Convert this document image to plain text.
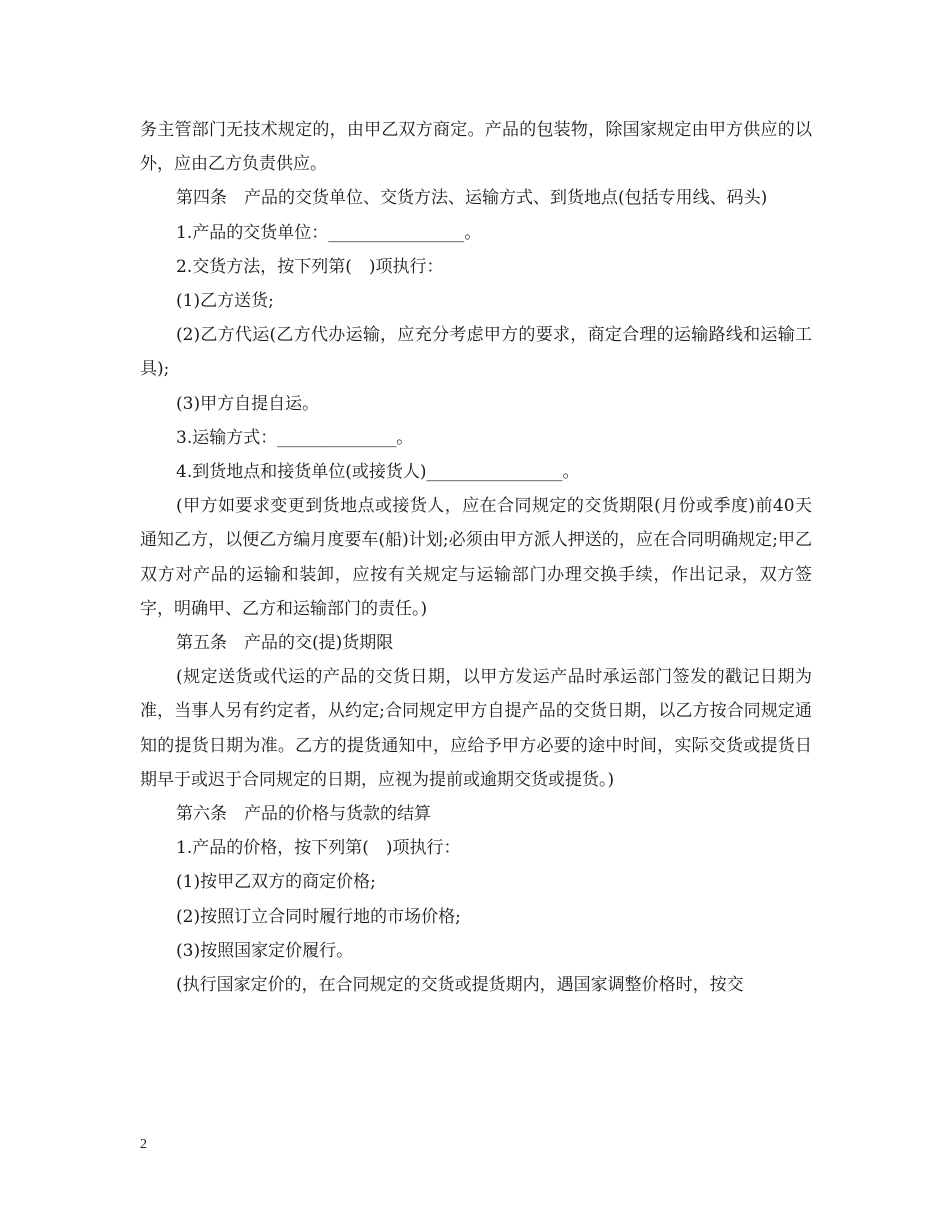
务主管部门无技术规定的，由甲乙双方商定。产品的包装物，除国家规定由甲方供应的以外，应由乙方负责供应。

第四条　产品的交货单位、交货方法、运输方式、到货地点(包括专用线、码头)

1.产品的交货单位：________________。

2.交货方法，按下列第(　)项执行：

(1)乙方送货;

(2)乙方代运(乙方代办运输，应充分考虑甲方的要求，商定合理的运输路线和运输工具);

(3)甲方自提自运。

3.运输方式：______________。

4.到货地点和接货单位(或接货人)________________。

(甲方如要求变更到货地点或接货人，应在合同规定的交货期限(月份或季度)前40天通知乙方，以便乙方编月度要车(船)计划;必须由甲方派人押送的，应在合同明确规定;甲乙双方对产品的运输和装卸，应按有关规定与运输部门办理交换手续，作出记录，双方签字，明确甲、乙方和运输部门的责任。)

第五条　产品的交(提)货期限

(规定送货或代运的产品的交货日期，以甲方发运产品时承运部门签发的戳记日期为准，当事人另有约定者，从约定;合同规定甲方自提产品的交货日期，以乙方按合同规定通知的提货日期为准。乙方的提货通知中，应给予甲方必要的途中时间，实际交货或提货日期早于或迟于合同规定的日期，应视为提前或逾期交货或提货。)

第六条　产品的价格与货款的结算

1.产品的价格，按下列第(　)项执行：

(1)按甲乙双方的商定价格;

(2)按照订立合同时履行地的市场价格;

(3)按照国家定价履行。

(执行国家定价的，在合同规定的交货或提货期内，遇国家调整价格时，按交

2
